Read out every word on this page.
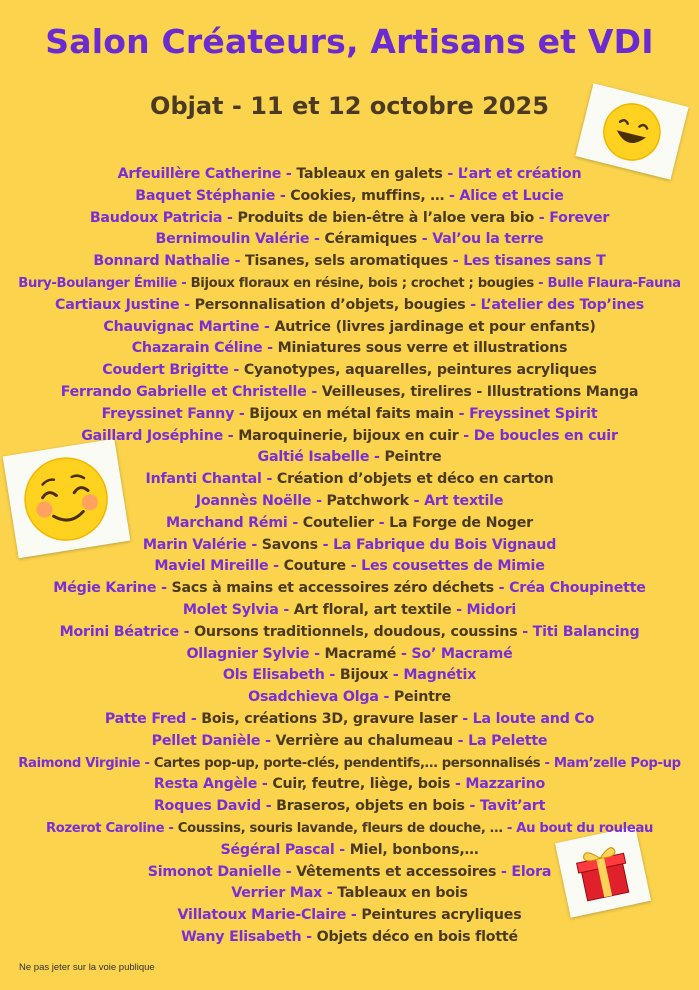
Salon Créateurs, Artisans et VDI
Objat - 11 et 12 octobre 2025
Arfeuillère Catherine - Tableaux en galets - L’art et création
Baquet Stéphanie - Cookies, muffins, … - Alice et Lucie
Baudoux Patricia - Produits de bien-être à l’aloe vera bio - Forever
Bernimoulin Valérie - Céramiques - Val’ou la terre
Bonnard Nathalie - Tisanes, sels aromatiques - Les tisanes sans T
Bury-Boulanger Émilie - Bijoux floraux en résine, bois ; crochet ; bougies - Bulle Flaura-Fauna
Cartiaux Justine - Personnalisation d’objets, bougies - L’atelier des Top’ines
Chauvignac Martine - Autrice (livres jardinage et pour enfants)
Chazarain Céline - Miniatures sous verre et illustrations
Coudert Brigitte - Cyanotypes, aquarelles, peintures acryliques
Ferrando Gabrielle et Christelle - Veilleuses, tirelires - Illustrations Manga
Freyssinet Fanny - Bijoux en métal faits main - Freyssinet Spirit
Gaillard Joséphine - Maroquinerie, bijoux en cuir - De boucles en cuir
Galtié Isabelle - Peintre
Infanti Chantal - Création d’objets et déco en carton
Joannès Noëlle - Patchwork - Art textile
Marchand Rémi - Coutelier - La Forge de Noger
Marin Valérie - Savons - La Fabrique du Bois Vignaud
Maviel Mireille - Couture - Les cousettes de Mimie
Mégie Karine - Sacs à mains et accessoires zéro déchets - Créa Choupinette
Molet Sylvia - Art floral, art textile - Midori
Morini Béatrice - Oursons traditionnels, doudous, coussins - Titi Balancing
Ollagnier Sylvie - Macramé - So’ Macramé
Ols Elisabeth - Bijoux - Magnétix
Osadchieva Olga - Peintre
Patte Fred - Bois, créations 3D, gravure laser - La loute and Co
Pellet Danièle - Verrière au chalumeau - La Pelette
Raimond Virginie - Cartes pop-up, porte-clés, pendentifs,… personnalisés - Mam’zelle Pop-up
Resta Angèle - Cuir, feutre, liège, bois - Mazzarino
Roques David - Braseros, objets en bois - Tavit’art
Rozerot Caroline - Coussins, souris lavande, fleurs de douche, … - Au bout du rouleau
Ségéral Pascal - Miel, bonbons,…
Simonot Danielle - Vêtements et accessoires - Elora
Verrier Max - Tableaux en bois
Villatoux Marie-Claire - Peintures acryliques
Wany Elisabeth - Objets déco en bois flotté
Ne pas jeter sur la voie publique
